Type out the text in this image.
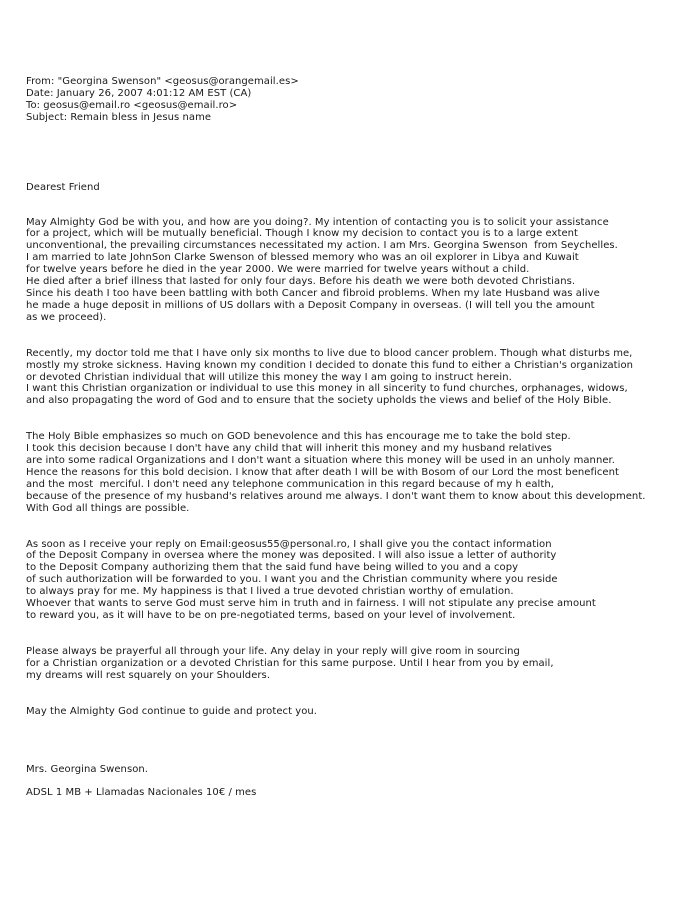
From: "Georgina Swenson" <geosus@orangemail.es>
Date: January 26, 2007 4:01:12 AM EST (CA)
To: geosus@email.ro <geosus@email.ro>
Subject: Remain bless in Jesus name
Dearest Friend
May Almighty God be with you, and how are you doing?. My intention of contacting you is to solicit your assistance
for a project, which will be mutually beneficial. Though I know my decision to contact you is to a large extent
unconventional, the prevailing circumstances necessitated my action. I am Mrs. Georgina Swenson  from Seychelles.
I am married to late JohnSon Clarke Swenson of blessed memory who was an oil explorer in Libya and Kuwait
for twelve years before he died in the year 2000. We were married for twelve years without a child.
He died after a brief illness that lasted for only four days. Before his death we were both devoted Christians.
Since his death I too have been battling with both Cancer and fibroid problems. When my late Husband was alive
he made a huge deposit in millions of US dollars with a Deposit Company in overseas. (I will tell you the amount
as we proceed).
Recently, my doctor told me that I have only six months to live due to blood cancer problem. Though what disturbs me,
mostly my stroke sickness. Having known my condition I decided to donate this fund to either a Christian's organization
or devoted Christian individual that will utilize this money the way I am going to instruct herein.
I want this Christian organization or individual to use this money in all sincerity to fund churches, orphanages, widows,
and also propagating the word of God and to ensure that the society upholds the views and belief of the Holy Bible.
The Holy Bible emphasizes so much on GOD benevolence and this has encourage me to take the bold step.
I took this decision because I don't have any child that will inherit this money and my husband relatives
are into some radical Organizations and I don't want a situation where this money will be used in an unholy manner.
Hence the reasons for this bold decision. I know that after death I will be with Bosom of our Lord the most beneficent
and the most  merciful. I don't need any telephone communication in this regard because of my h ealth,
because of the presence of my husband's relatives around me always. I don't want them to know about this development.
With God all things are possible.
As soon as I receive your reply on Email:geosus55@personal.ro, I shall give you the contact information
of the Deposit Company in oversea where the money was deposited. I will also issue a letter of authority
to the Deposit Company authorizing them that the said fund have being willed to you and a copy
of such authorization will be forwarded to you. I want you and the Christian community where you reside
to always pray for me. My happiness is that I lived a true devoted christian worthy of emulation.
Whoever that wants to serve God must serve him in truth and in fairness. I will not stipulate any precise amount
to reward you, as it will have to be on pre-negotiated terms, based on your level of involvement.
Please always be prayerful all through your life. Any delay in your reply will give room in sourcing
for a Christian organization or a devoted Christian for this same purpose. Until I hear from you by email,
my dreams will rest squarely on your Shoulders.
May the Almighty God continue to guide and protect you.
Mrs. Georgina Swenson.
ADSL 1 MB + Llamadas Nacionales 10€ / mes
